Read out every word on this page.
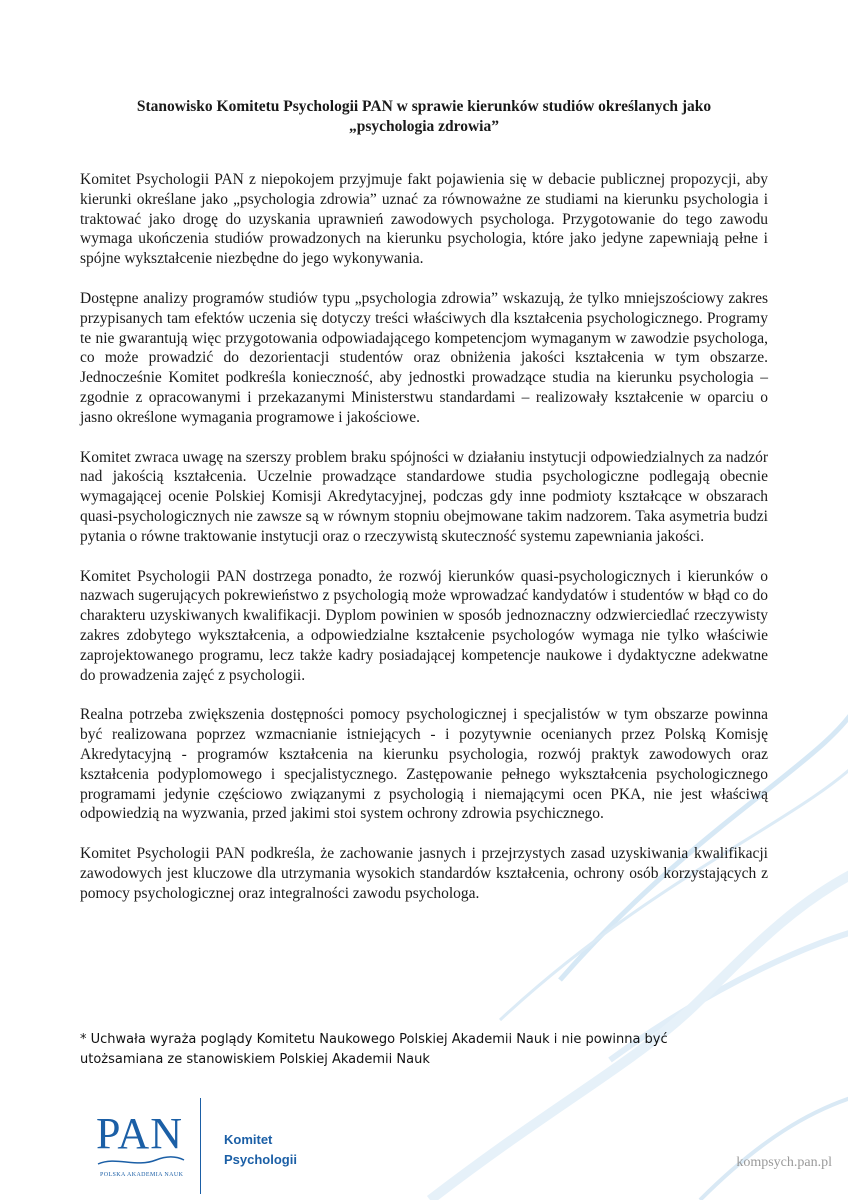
Stanowisko Komitetu Psychologii PAN w sprawie kierunków studiów określanych jako
„psychologia zdrowia”

Komitet Psychologii PAN z niepokojem przyjmuje fakt pojawienia się w debacie publicznej propozycji, aby kierunki określane jako „psychologia zdrowia” uznać za równoważne ze studiami na kierunku psychologia i traktować jako drogę do uzyskania uprawnień zawodowych psychologa. Przygotowanie do tego zawodu wymaga ukończenia studiów prowadzonych na kierunku psychologia, które jako jedyne zapewniają pełne i spójne wykształcenie niezbędne do jego wykonywania.

Dostępne analizy programów studiów typu „psychologia zdrowia” wskazują, że tylko mniejszościowy zakres przypisanych tam efektów uczenia się dotyczy treści właściwych dla kształcenia psychologicznego. Programy te nie gwarantują więc przygotowania odpowiadającego kompetencjom wymaganym w zawodzie psychologa, co może prowadzić do dezorientacji studentów oraz obniżenia jakości kształcenia w tym obszarze. Jednocześnie Komitet podkreśla konieczność, aby jednostki prowadzące studia na kierunku psychologia – zgodnie z opracowanymi i przekazanymi Ministerstwu standardami – realizowały kształcenie w oparciu o jasno określone wymagania programowe i jakościowe.

Komitet zwraca uwagę na szerszy problem braku spójności w działaniu instytucji odpowiedzialnych za nadzór nad jakością kształcenia. Uczelnie prowadzące standardowe studia psychologiczne podlegają obecnie wymagającej ocenie Polskiej Komisji Akredytacyjnej, podczas gdy inne podmioty kształcące w obszarach quasi-psychologicznych nie zawsze są w równym stopniu obejmowane takim nadzorem. Taka asymetria budzi pytania o równe traktowanie instytucji oraz o rzeczywistą skuteczność systemu zapewniania jakości.

Komitet Psychologii PAN dostrzega ponadto, że rozwój kierunków quasi-psychologicznych i kierunków o nazwach sugerujących pokrewieństwo z psychologią może wprowadzać kandydatów i studentów w błąd co do charakteru uzyskiwanych kwalifikacji. Dyplom powinien w sposób jednoznaczny odzwierciedlać rzeczywisty zakres zdobytego wykształcenia, a odpowiedzialne kształcenie psychologów wymaga nie tylko właściwie zaprojektowanego programu, lecz także kadry posiadającej kompetencje naukowe i dydaktyczne adekwatne do prowadzenia zajęć z psychologii.

Realna potrzeba zwiększenia dostępności pomocy psychologicznej i specjalistów w tym obszarze powinna być realizowana poprzez wzmacnianie istniejących - i pozytywnie ocenianych przez Polską Komisję Akredytacyjną - programów kształcenia na kierunku psychologia, rozwój praktyk zawodowych oraz kształcenia podyplomowego i specjalistycznego. Zastępowanie pełnego wykształcenia psychologicznego programami jedynie częściowo związanymi z psychologią i niemającymi ocen PKA, nie jest właściwą odpowiedzią na wyzwania, przed jakimi stoi system ochrony zdrowia psychicznego.

Komitet Psychologii PAN podkreśla, że zachowanie jasnych i przejrzystych zasad uzyskiwania kwalifikacji zawodowych jest kluczowe dla utrzymania wysokich standardów kształcenia, ochrony osób korzystających z pomocy psychologicznej oraz integralności zawodu psychologa.

* Uchwała wyraża poglądy Komitetu Naukowego Polskiej Akademii Nauk i nie powinna być
utożsamiana ze stanowiskiem Polskiej Akademii Nauk
PAN
POLSKA AKADEMIA NAUK
Komitet
Psychologii	kompsych.pan.pl
